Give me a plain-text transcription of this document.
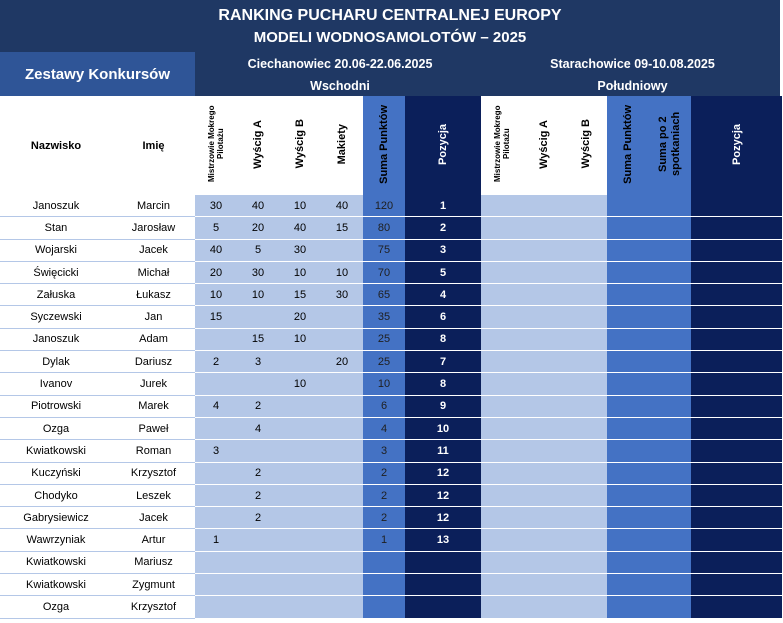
RANKING PUCHARU CENTRALNEJ EUROPY
MODELI WODNOSAMOLOTÓW – 2025
Zestawy Konkursów
Ciechanowiec 20.06-22.06.2025
Wschodni
Starachowice 09-10.08.2025
Południowy
Nazwisko	Imię	Mistrzowie Mokrego Pilotażu	Wyścig A	Wyścig B	Makiety	Suma Punktów	Pozycja	Mistrzowie Mokrego Pilotażu	Wyścig A	Wyścig B	Suma Punktów	Suma po 2 spotkaniach	Pozycja
Janoszuk	Marcin	30	40	10	40	120	1						
Stan	Jarosław	5	20	40	15	80	2						
Wojarski	Jacek	40	5	30		75	3						
Święcicki	Michał	20	30	10	10	70	5						
Załuska	Łukasz	10	10	15	30	65	4						
Syczewski	Jan	15		20		35	6						
Janoszuk	Adam		15	10		25	8						
Dylak	Dariusz	2	3		20	25	7						
Ivanov	Jurek			10		10	8						
Piotrowski	Marek	4	2			6	9						
Ozga	Paweł		4			4	10						
Kwiatkowski	Roman	3				3	11						
Kuczyński	Krzysztof		2			2	12						
Chodyko	Leszek		2			2	12						
Gabrysiewicz	Jacek		2			2	12						
Wawrzyniak	Artur	1				1	13						
Kwiatkowski	Mariusz												
Kwiatkowski	Zygmunt												
Ozga	Krzysztof												
